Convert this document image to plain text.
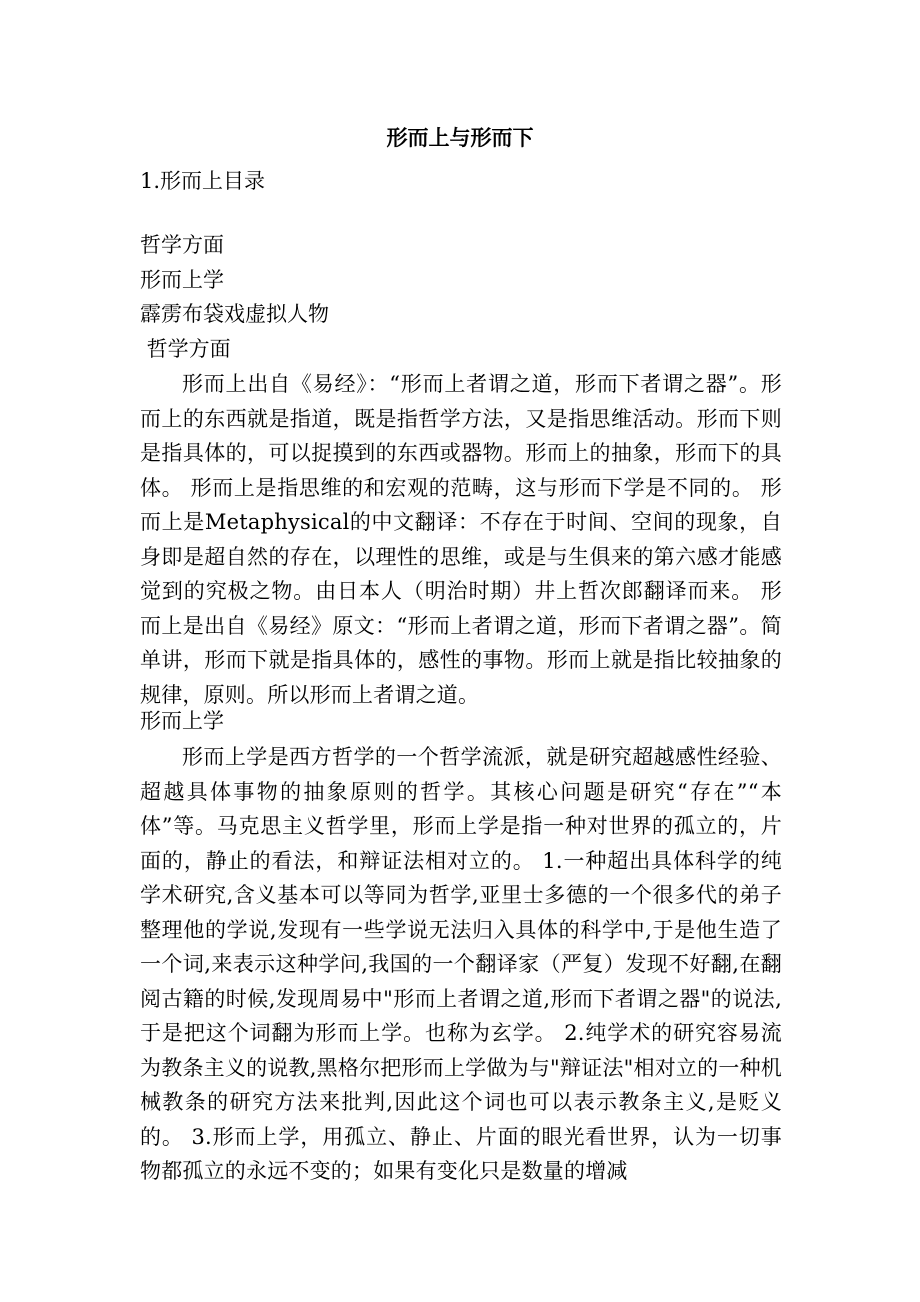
形而上与形而下
1.形而上目录
哲学方面
形而上学
霹雳布袋戏虚拟人物
哲学方面
形而上出自《易经》：“形而上者谓之道，形而下者谓之器”。形而上的东西就是指道，既是指哲学方法，又是指思维活动。形而下则是指具体的，可以捉摸到的东西或器物。形而上的抽象，形而下的具体。 形而上是指思维的和宏观的范畴，这与形而下学是不同的。 形而上是Metaphysical的中文翻译：不存在于时间、空间的现象，自身即是超自然的存在，以理性的思维，或是与生俱来的第六感才能感觉到的究极之物。由日本人（明治时期）井上哲次郎翻译而来。 形而上是出自《易经》原文：“形而上者谓之道，形而下者谓之器”。简单讲，形而下就是指具体的，感性的事物。形而上就是指比较抽象的规律，原则。所以形而上者谓之道。
形而上学
形而上学是西方哲学的一个哲学流派，就是研究超越感性经验、超越具体事物的抽象原则的哲学。其核心问题是研究“存在”“本体”等。马克思主义哲学里，形而上学是指一种对世界的孤立的，片面的，静止的看法，和辩证法相对立的。 1.一种超出具体科学的纯学术研究,含义基本可以等同为哲学,亚里士多德的一个很多代的弟子整理他的学说,发现有一些学说无法归入具体的科学中,于是他生造了一个词,来表示这种学问,我国的一个翻译家（严复）发现不好翻,在翻阅古籍的时候,发现周易中"形而上者谓之道,形而下者谓之器"的说法,于是把这个词翻为形而上学。也称为玄学。 2.纯学术的研究容易流为教条主义的说教,黑格尔把形而上学做为与"辩证法"相对立的一种机械教条的研究方法来批判,因此这个词也可以表示教条主义,是贬义的。 3.形而上学，用孤立、静止、片面的眼光看世界，认为一切事物都孤立的永远不变的；如果有变化只是数量的增减
